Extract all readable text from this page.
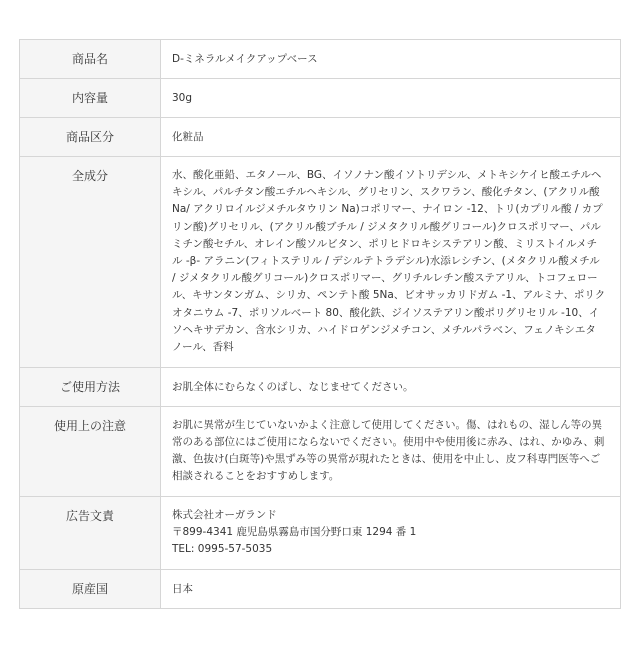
商品名	D-ミネラルメイクアップベース

内容量	30g

商品区分	化粧品

全成分	水、酸化亜鉛、エタノール、BG、イソノナン酸イソトリデシル、メトキシケイヒ酸エチルヘキシル、パルチタン酸エチルヘキシル、グリセリン、スクワラン、酸化チタン、(アクリル酸Na/ アクリロイルジメチルタウリン Na)コポリマー、ナイロン -12、トリ(カプリル酸 / カプリン酸)グリセリル、(アクリル酸ブチル / ジメタクリル酸グリコール)クロスポリマー、パルミチン酸セチル、オレイン酸ソルビタン、ポリヒドロキシステアリン酸、ミリストイルメチル -β- アラニン(フィトステリル / デシルテトラデシル)水添レシチン、(メタクリル酸メチル / ジメタクリル酸グリコール)クロスポリマー、グリチルレチン酸ステアリル、トコフェロール、キサンタンガム、シリカ、ペンテト酸 5Na、ビオサッカリドガム -1、アルミナ、ポリクオタニウム -7、ポリソルベート 80、酸化鉄、ジイソステアリン酸ポリグリセリル -10、イソヘキサデカン、含水シリカ、ハイドロゲンジメチコン、メチルパラベン、フェノキシエタノール、香料

ご使用方法	お肌全体にむらなくのばし、なじませてください。

使用上の注意	お肌に異常が生じていないかよく注意して使用してください。傷、はれもの、湿しん等の異常のある部位にはご使用にならないでください。使用中や使用後に赤み、はれ、かゆみ、刺激、色抜け(白斑等)や黒ずみ等の異常が現れたときは、使用を中止し、皮フ科専門医等へご相談されることをおすすめします。

広告文責	株式会社オーガランド
〒899-4341 鹿児島県霧島市国分野口東 1294 番 1
TEL: 0995-57-5035

原産国	日本
